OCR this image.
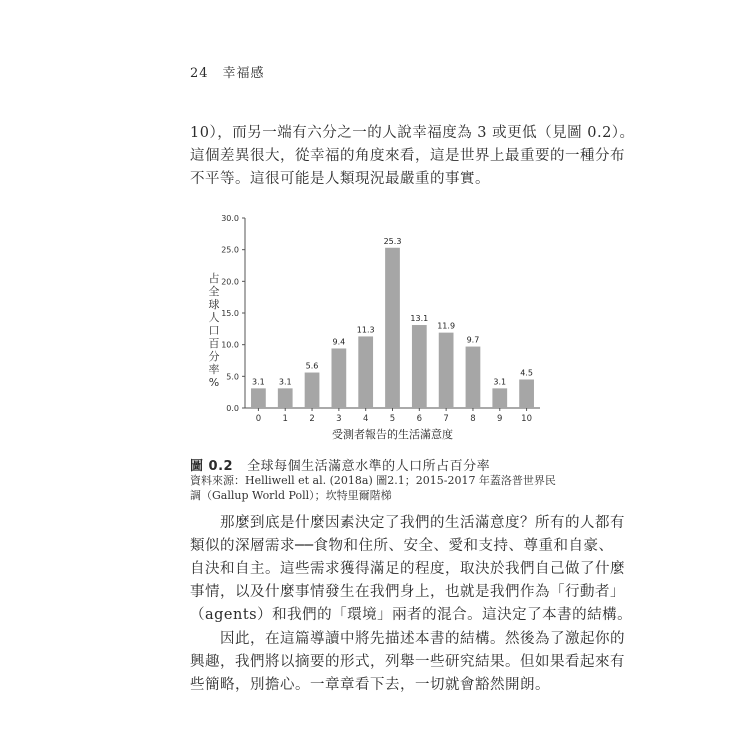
24 幸福感
10），而另一端有六分之一的人說幸福度為 3 或更低（見圖 0.2）。
這個差異很大，從幸福的角度來看，這是世界上最重要的一種分布
不平等。這很可能是人類現況最嚴重的事實。
占
全
球
人
口
百
分
率
%
0.0
5.0
10.0
15.0
20.0
25.0
30.0
3.1
0
3.1
1
5.6
2
9.4
3
11.3
4
25.3
5
13.1
6
11.9
7
9.7
8
3.1
9
4.5
10
受測者報告的生活滿意度
圖 0.2 全球每個生活滿意水準的人口所占百分率
資料來源：Helliwell et al. (2018a) 圖2.1；2015-2017 年蓋洛普世界民調（Gallup World Poll）；坎特里爾階梯
那麼到底是什麼因素決定了我們的生活滿意度？所有的人都有
類似的深層需求──食物和住所、安全、愛和支持、尊重和自豪、
自決和自主。這些需求獲得滿足的程度，取決於我們自己做了什麼
事情，以及什麼事情發生在我們身上，也就是我們作為「行動者」
（agents）和我們的「環境」兩者的混合。這決定了本書的結構。
因此，在這篇導讀中將先描述本書的結構。然後為了激起你的
興趣，我們將以摘要的形式，列舉一些研究結果。但如果看起來有
些簡略，別擔心。一章章看下去，一切就會豁然開朗。
